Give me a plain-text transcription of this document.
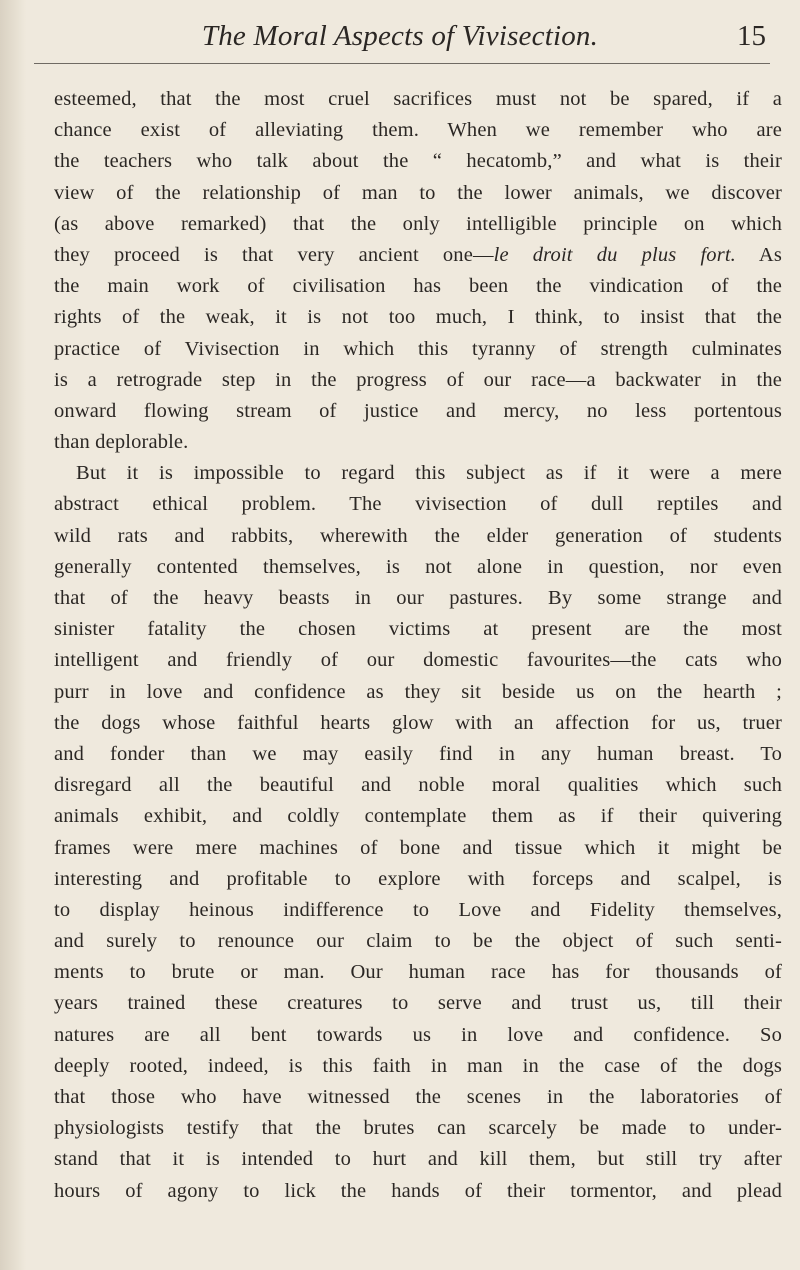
The Moral Aspects of Vivisection.	15
esteemed, that the most cruel sacrifices must not be spared, if a
chance exist of alleviating them. When we remember who are
the teachers who talk about the “ hecatomb,” and what is their
view of the relationship of man to the lower animals, we discover
(as above remarked) that the only intelligible principle on which
they proceed is that very ancient one—le droit du plus fort. As
the main work of civilisation has been the vindication of the
rights of the weak, it is not too much, I think, to insist that the
practice of Vivisection in which this tyranny of strength culminates
is a retrograde step in the progress of our race—a backwater in the
onward flowing stream of justice and mercy, no less portentous
than deplorable.
But it is impossible to regard this subject as if it were a mere
abstract ethical problem. The vivisection of dull reptiles and
wild rats and rabbits, wherewith the elder generation of students
generally contented themselves, is not alone in question, nor even
that of the heavy beasts in our pastures. By some strange and
sinister fatality the chosen victims at present are the most
intelligent and friendly of our domestic favourites—the cats who
purr in love and confidence as they sit beside us on the hearth ;
the dogs whose faithful hearts glow with an affection for us, truer
and fonder than we may easily find in any human breast. To
disregard all the beautiful and noble moral qualities which such
animals exhibit, and coldly contemplate them as if their quivering
frames were mere machines of bone and tissue which it might be
interesting and profitable to explore with forceps and scalpel, is
to display heinous indifference to Love and Fidelity themselves,
and surely to renounce our claim to be the object of such senti-
ments to brute or man. Our human race has for thousands of
years trained these creatures to serve and trust us, till their
natures are all bent towards us in love and confidence. So
deeply rooted, indeed, is this faith in man in the case of the dogs
that those who have witnessed the scenes in the laboratories of
physiologists testify that the brutes can scarcely be made to under-
stand that it is intended to hurt and kill them, but still try after
hours of agony to lick the hands of their tormentor, and plead
